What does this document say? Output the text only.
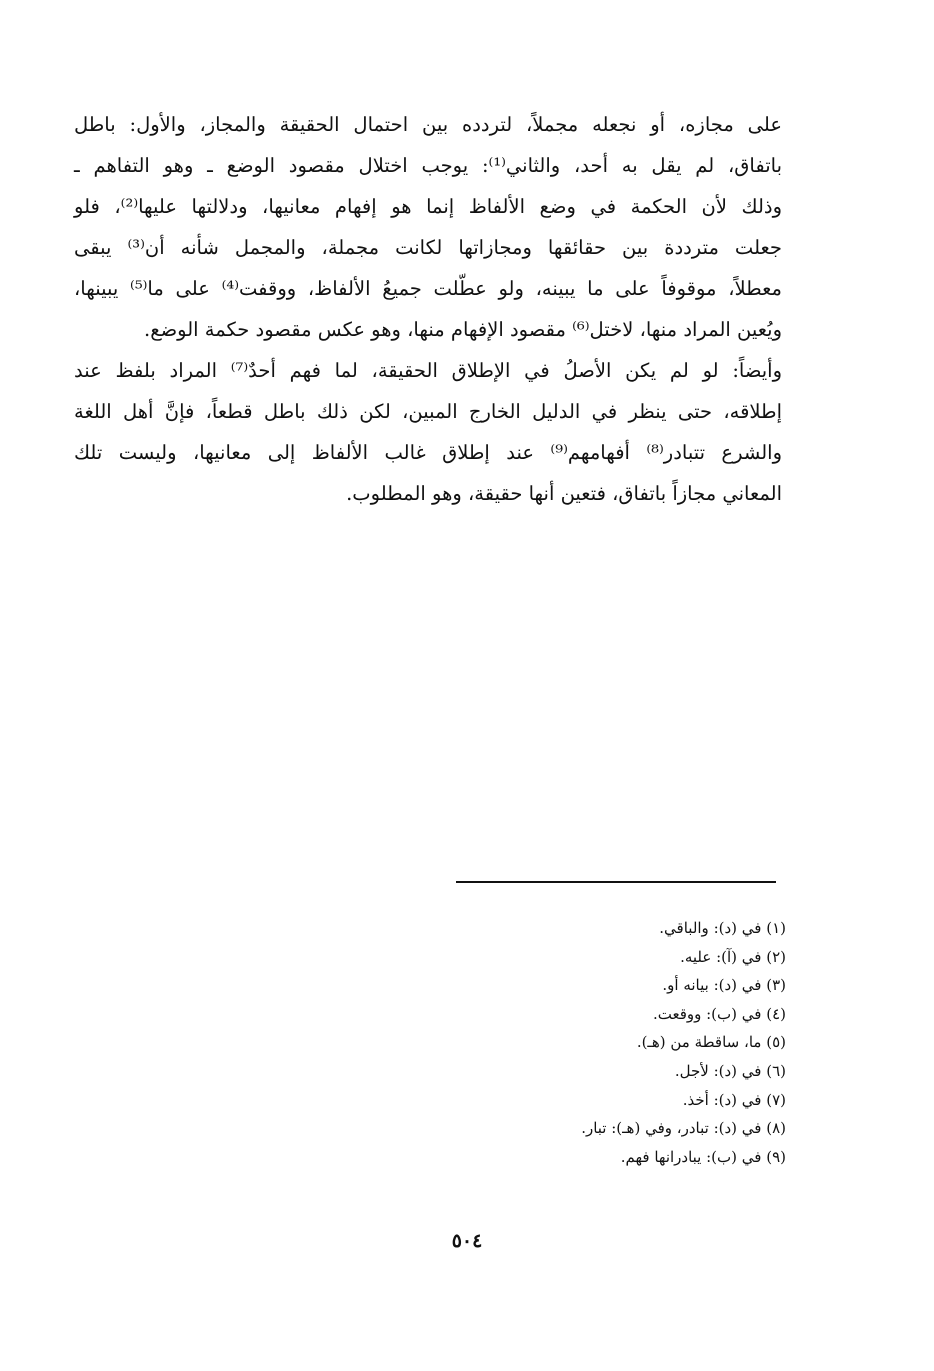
على مجازه، أو نجعله مجملاً، لتردده بين احتمال الحقيقة والمجاز، والأول: باطل
باتفاق، لم يقل به أحد، والثاني⁽¹⁾: يوجب اختلال مقصود الوضع ـ وهو التفاهم ـ
وذلك لأن الحكمة في وضع الألفاظ إنما هو إفهام معانيها، ودلالتها عليها⁽²⁾، فلو
جعلت مترددة بين حقائقها ومجازاتها لكانت مجملة، والمجمل شأنه أن⁽³⁾ يبقى
معطلاً، موقوفاً على ما يبينه، ولو عطّلت جميعُ الألفاظ، ووقفت⁽⁴⁾ على ما⁽⁵⁾ يبينها،
ويُعين المراد منها، لاختل⁽⁶⁾ مقصود الإفهام منها، وهو عكس مقصود حكمة الوضع.
وأيضاً: لو لم يكن الأصلُ في الإطلاق الحقيقة، لما فهم أحدٌ⁽⁷⁾ المراد بلفظ عند
إطلاقه، حتى ينظر في الدليل الخارج المبين، لكن ذلك باطل قطعاً، فإنَّ أهل اللغة
والشرع تتبادر⁽⁸⁾ أفهامهم⁽⁹⁾ عند إطلاق غالب الألفاظ إلى معانيها، وليست تلك
المعاني مجازاً باتفاق، فتعين أنها حقيقة، وهو المطلوب.
(١) في (د): والباقي.
(٢) في (آ): عليه.
(٣) في (د): بيانه أو.
(٤) في (ب): ووقعت.
(٥) ما، ساقطة من (هـ).
(٦) في (د): لأجل.
(٧) في (د): أخذ.
(٨) في (د): تبادر، وفي (هـ): تبار.
(٩) في (ب): يبادرانها فهم.
٥٠٤
